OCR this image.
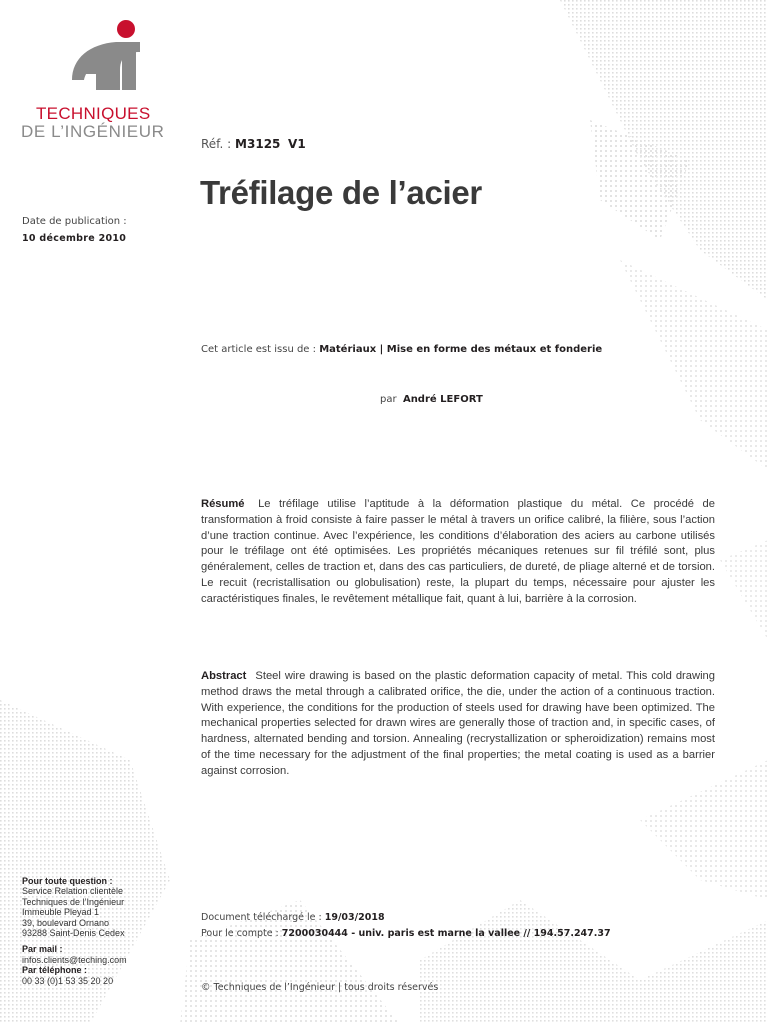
TECHNIQUES
DE L’INGÉNIEUR
Réf. : M3125 V1
Tréfilage de l’acier
Date de publication :
10 décembre 2010
Cet article est issu de : Matériaux | Mise en forme des métaux et fonderie
par André LEFORT
Résumé Le tréfilage utilise l’aptitude à la déformation plastique du métal. Ce procédé de transformation à froid consiste à faire passer le métal à travers un orifice calibré, la filière, sous l’action d’une traction continue. Avec l’expérience, les conditions d’élaboration des aciers au carbone utilisés pour le tréfilage ont été optimisées. Les propriétés mécaniques retenues sur fil tréfilé sont, plus généralement, celles de traction et, dans des cas particuliers, de dureté, de pliage alterné et de torsion. Le recuit (recristallisation ou globulisation) reste, la plupart du temps, nécessaire pour ajuster les caractéristiques finales, le revêtement métallique fait, quant à lui, barrière à la corrosion.
Abstract Steel wire drawing is based on the plastic deformation capacity of metal. This cold drawing method draws the metal through a calibrated orifice, the die, under the action of a continuous traction. With experience, the conditions for the production of steels used for drawing have been optimized. The mechanical properties selected for drawn wires are generally those of traction and, in specific cases, of hardness, alternated bending and torsion. Annealing (recrystallization or spheroidization) remains most of the time necessary for the adjustment of the final properties; the metal coating is used as a barrier against corrosion.
Pour toute question :
Service Relation clientèle
Techniques de l’Ingénieur
Immeuble Pleyad 1
39, boulevard Ornano
93288 Saint-Denis Cedex
Par mail :
infos.clients@teching.com
Par téléphone :
00 33 (0)1 53 35 20 20
Document téléchargé le : 19/03/2018
Pour le compte : 7200030444 - univ. paris est marne la vallee // 194.57.247.37
© Techniques de l’Ingénieur | tous droits réservés
